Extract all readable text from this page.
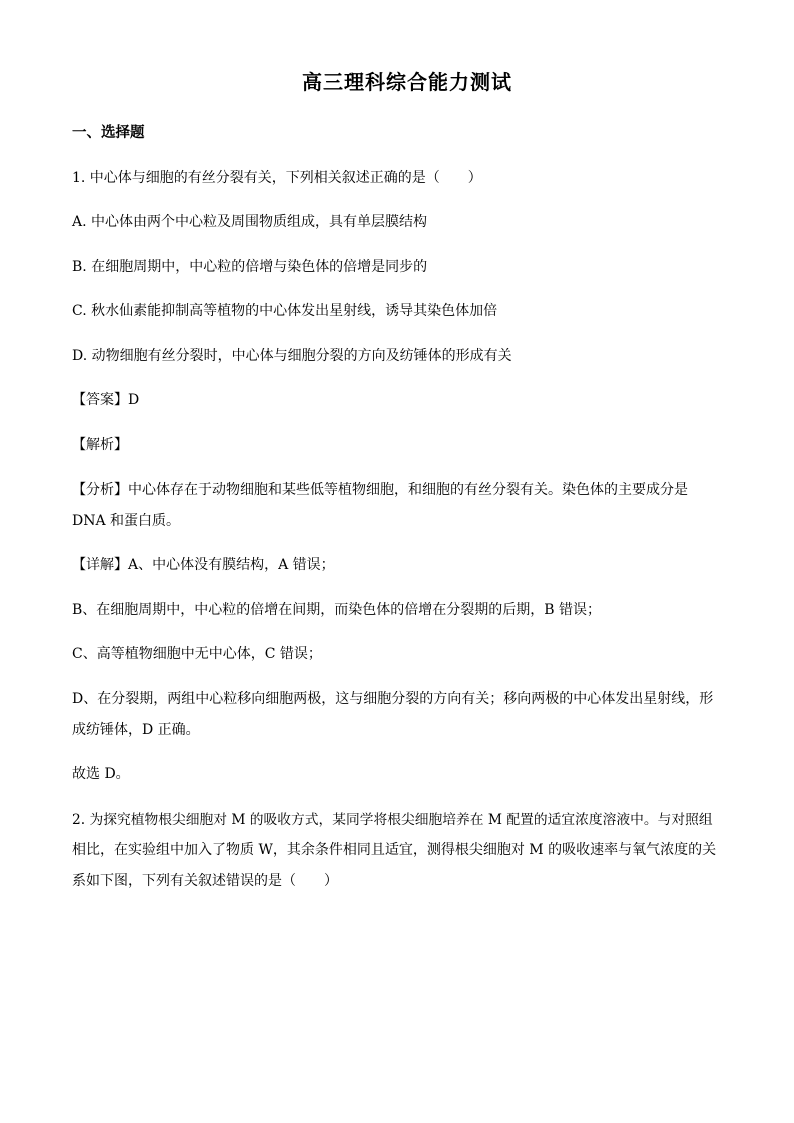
高三理科综合能力测试
一、选择题
1. 中心体与细胞的有丝分裂有关，下列相关叙述正确的是（　　）
A. 中心体由两个中心粒及周围物质组成，具有单层膜结构
B. 在细胞周期中，中心粒的倍增与染色体的倍增是同步的
C. 秋水仙素能抑制高等植物的中心体发出星射线，诱导其染色体加倍
D. 动物细胞有丝分裂时，中心体与细胞分裂的方向及纺锤体的形成有关
【答案】D
【解析】
【分析】中心体存在于动物细胞和某些低等植物细胞，和细胞的有丝分裂有关。染色体的主要成分是
DNA 和蛋白质。
【详解】A、中心体没有膜结构，A 错误；
B、在细胞周期中，中心粒的倍增在间期，而染色体的倍增在分裂期的后期，B 错误；
C、高等植物细胞中无中心体，C 错误；
D、在分裂期，两组中心粒移向细胞两极，这与细胞分裂的方向有关；移向两极的中心体发出星射线，形
成纺锤体，D 正确。
故选 D。
2. 为探究植物根尖细胞对 M 的吸收方式，某同学将根尖细胞培养在 M 配置的适宜浓度溶液中。与对照组
相比，在实验组中加入了物质 W，其余条件相同且适宜，测得根尖细胞对 M 的吸收速率与氧气浓度的关
系如下图，下列有关叙述错误的是（　　）
